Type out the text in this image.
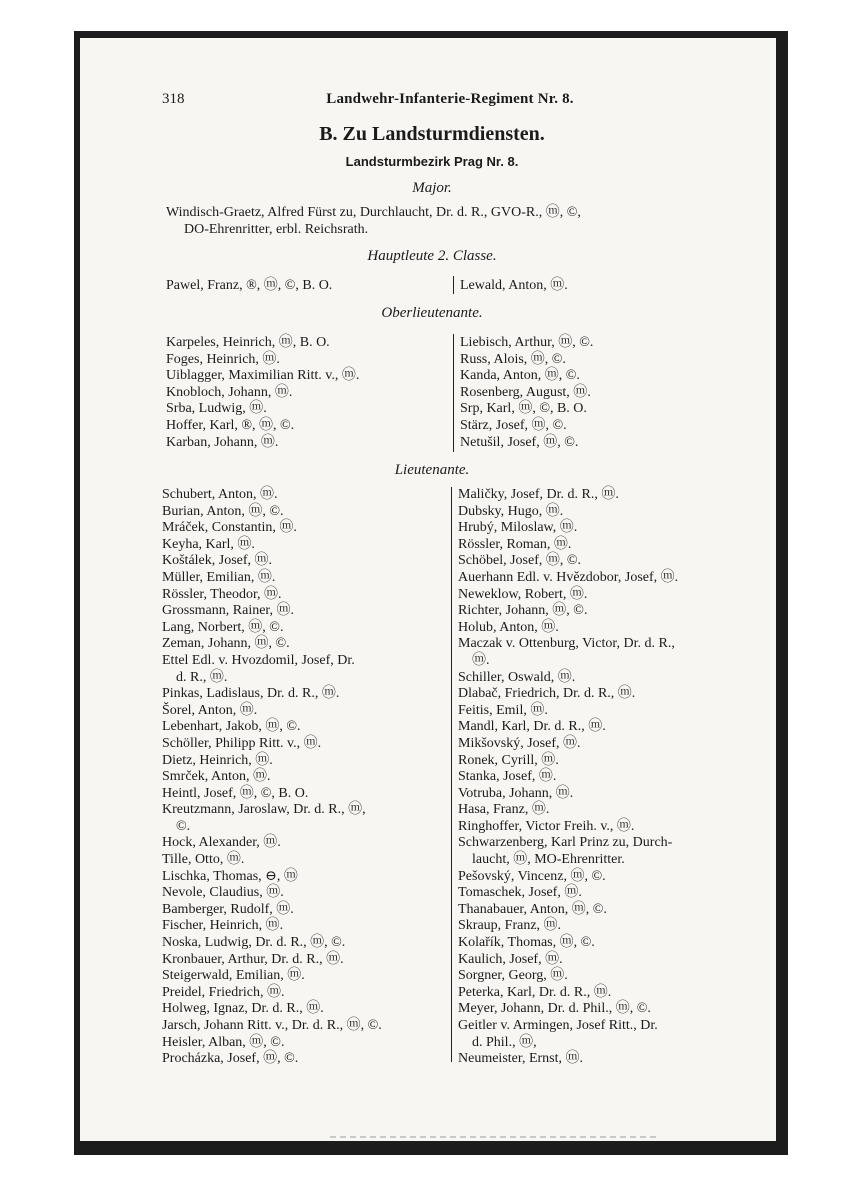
318	Landwehr-Infanterie-Regiment Nr. 8.
B. Zu Landsturmdiensten.
Landsturmbezirk Prag Nr. 8.
Major.
Windisch-Graetz, Alfred Fürst zu, Durchlaucht, Dr. d. R., GVO-R., ⓜ, ©,
DO-Ehrenritter, erbl. Reichsrath.
Hauptleute 2. Classe.
Pawel, Franz, ®, ⓜ, ©, B. O.	Lewald, Anton, ⓜ.
Oberlieutenante.
Karpeles, Heinrich, ⓜ, B. O.
Foges, Heinrich, ⓜ.
Uiblagger, Maximilian Ritt. v., ⓜ.
Knobloch, Johann, ⓜ.
Srba, Ludwig, ⓜ.
Hoffer, Karl, ®, ⓜ, ©.
Karban, Johann, ⓜ.
Liebisch, Arthur, ⓜ, ©.
Russ, Alois, ⓜ, ©.
Kanda, Anton, ⓜ, ©.
Rosenberg, August, ⓜ.
Srp, Karl, ⓜ, ©, B. O.
Stärz, Josef, ⓜ, ©.
Netušil, Josef, ⓜ, ©.
Lieutenante.
Schubert, Anton, ⓜ.
Burian, Anton, ⓜ, ©.
Mráček, Constantin, ⓜ.
Keyha, Karl, ⓜ.
Koštálek, Josef, ⓜ.
Müller, Emilian, ⓜ.
Rössler, Theodor, ⓜ.
Grossmann, Rainer, ⓜ.
Lang, Norbert, ⓜ, ©.
Zeman, Johann, ⓜ, ©.
Ettel Edl. v. Hvozdomil, Josef, Dr.
d. R., ⓜ.
Pinkas, Ladislaus, Dr. d. R., ⓜ.
Šorel, Anton, ⓜ.
Lebenhart, Jakob, ⓜ, ©.
Schöller, Philipp Ritt. v., ⓜ.
Dietz, Heinrich, ⓜ.
Smrček, Anton, ⓜ.
Heintl, Josef, ⓜ, ©, B. O.
Kreutzmann, Jaroslaw, Dr. d. R., ⓜ,
©.
Hock, Alexander, ⓜ.
Tille, Otto, ⓜ.
Lischka, Thomas, ⊖, ⓜ
Nevole, Claudius, ⓜ.
Bamberger, Rudolf, ⓜ.
Fischer, Heinrich, ⓜ.
Noska, Ludwig, Dr. d. R., ⓜ, ©.
Kronbauer, Arthur, Dr. d. R., ⓜ.
Steigerwald, Emilian, ⓜ.
Preidel, Friedrich, ⓜ.
Holweg, Ignaz, Dr. d. R., ⓜ.
Jarsch, Johann Ritt. v., Dr. d. R., ⓜ, ©.
Heisler, Alban, ⓜ, ©.
Procházka, Josef, ⓜ, ©.
Maličky, Josef, Dr. d. R., ⓜ.
Dubsky, Hugo, ⓜ.
Hrubý, Miloslaw, ⓜ.
Rössler, Roman, ⓜ.
Schöbel, Josef, ⓜ, ©.
Auerhann Edl. v. Hvězdobor, Josef, ⓜ.
Neweklow, Robert, ⓜ.
Richter, Johann, ⓜ, ©.
Holub, Anton, ⓜ.
Maczak v. Ottenburg, Victor, Dr. d. R.,
ⓜ.
Schiller, Oswald, ⓜ.
Dlabač, Friedrich, Dr. d. R., ⓜ.
Feitis, Emil, ⓜ.
Mandl, Karl, Dr. d. R., ⓜ.
Mikšovský, Josef, ⓜ.
Ronek, Cyrill, ⓜ.
Stanka, Josef, ⓜ.
Votruba, Johann, ⓜ.
Hasa, Franz, ⓜ.
Ringhoffer, Victor Freih. v., ⓜ.
Schwarzenberg, Karl Prinz zu, Durch-
laucht, ⓜ, MO-Ehrenritter.
Pešovský, Vincenz, ⓜ, ©.
Tomaschek, Josef, ⓜ.
Thanabauer, Anton, ⓜ, ©.
Skraup, Franz, ⓜ.
Kolařík, Thomas, ⓜ, ©.
Kaulich, Josef, ⓜ.
Sorgner, Georg, ⓜ.
Peterka, Karl, Dr. d. R., ⓜ.
Meyer, Johann, Dr. d. Phil., ⓜ, ©.
Geitler v. Armingen, Josef Ritt., Dr.
d. Phil., ⓜ,
Neumeister, Ernst, ⓜ.
